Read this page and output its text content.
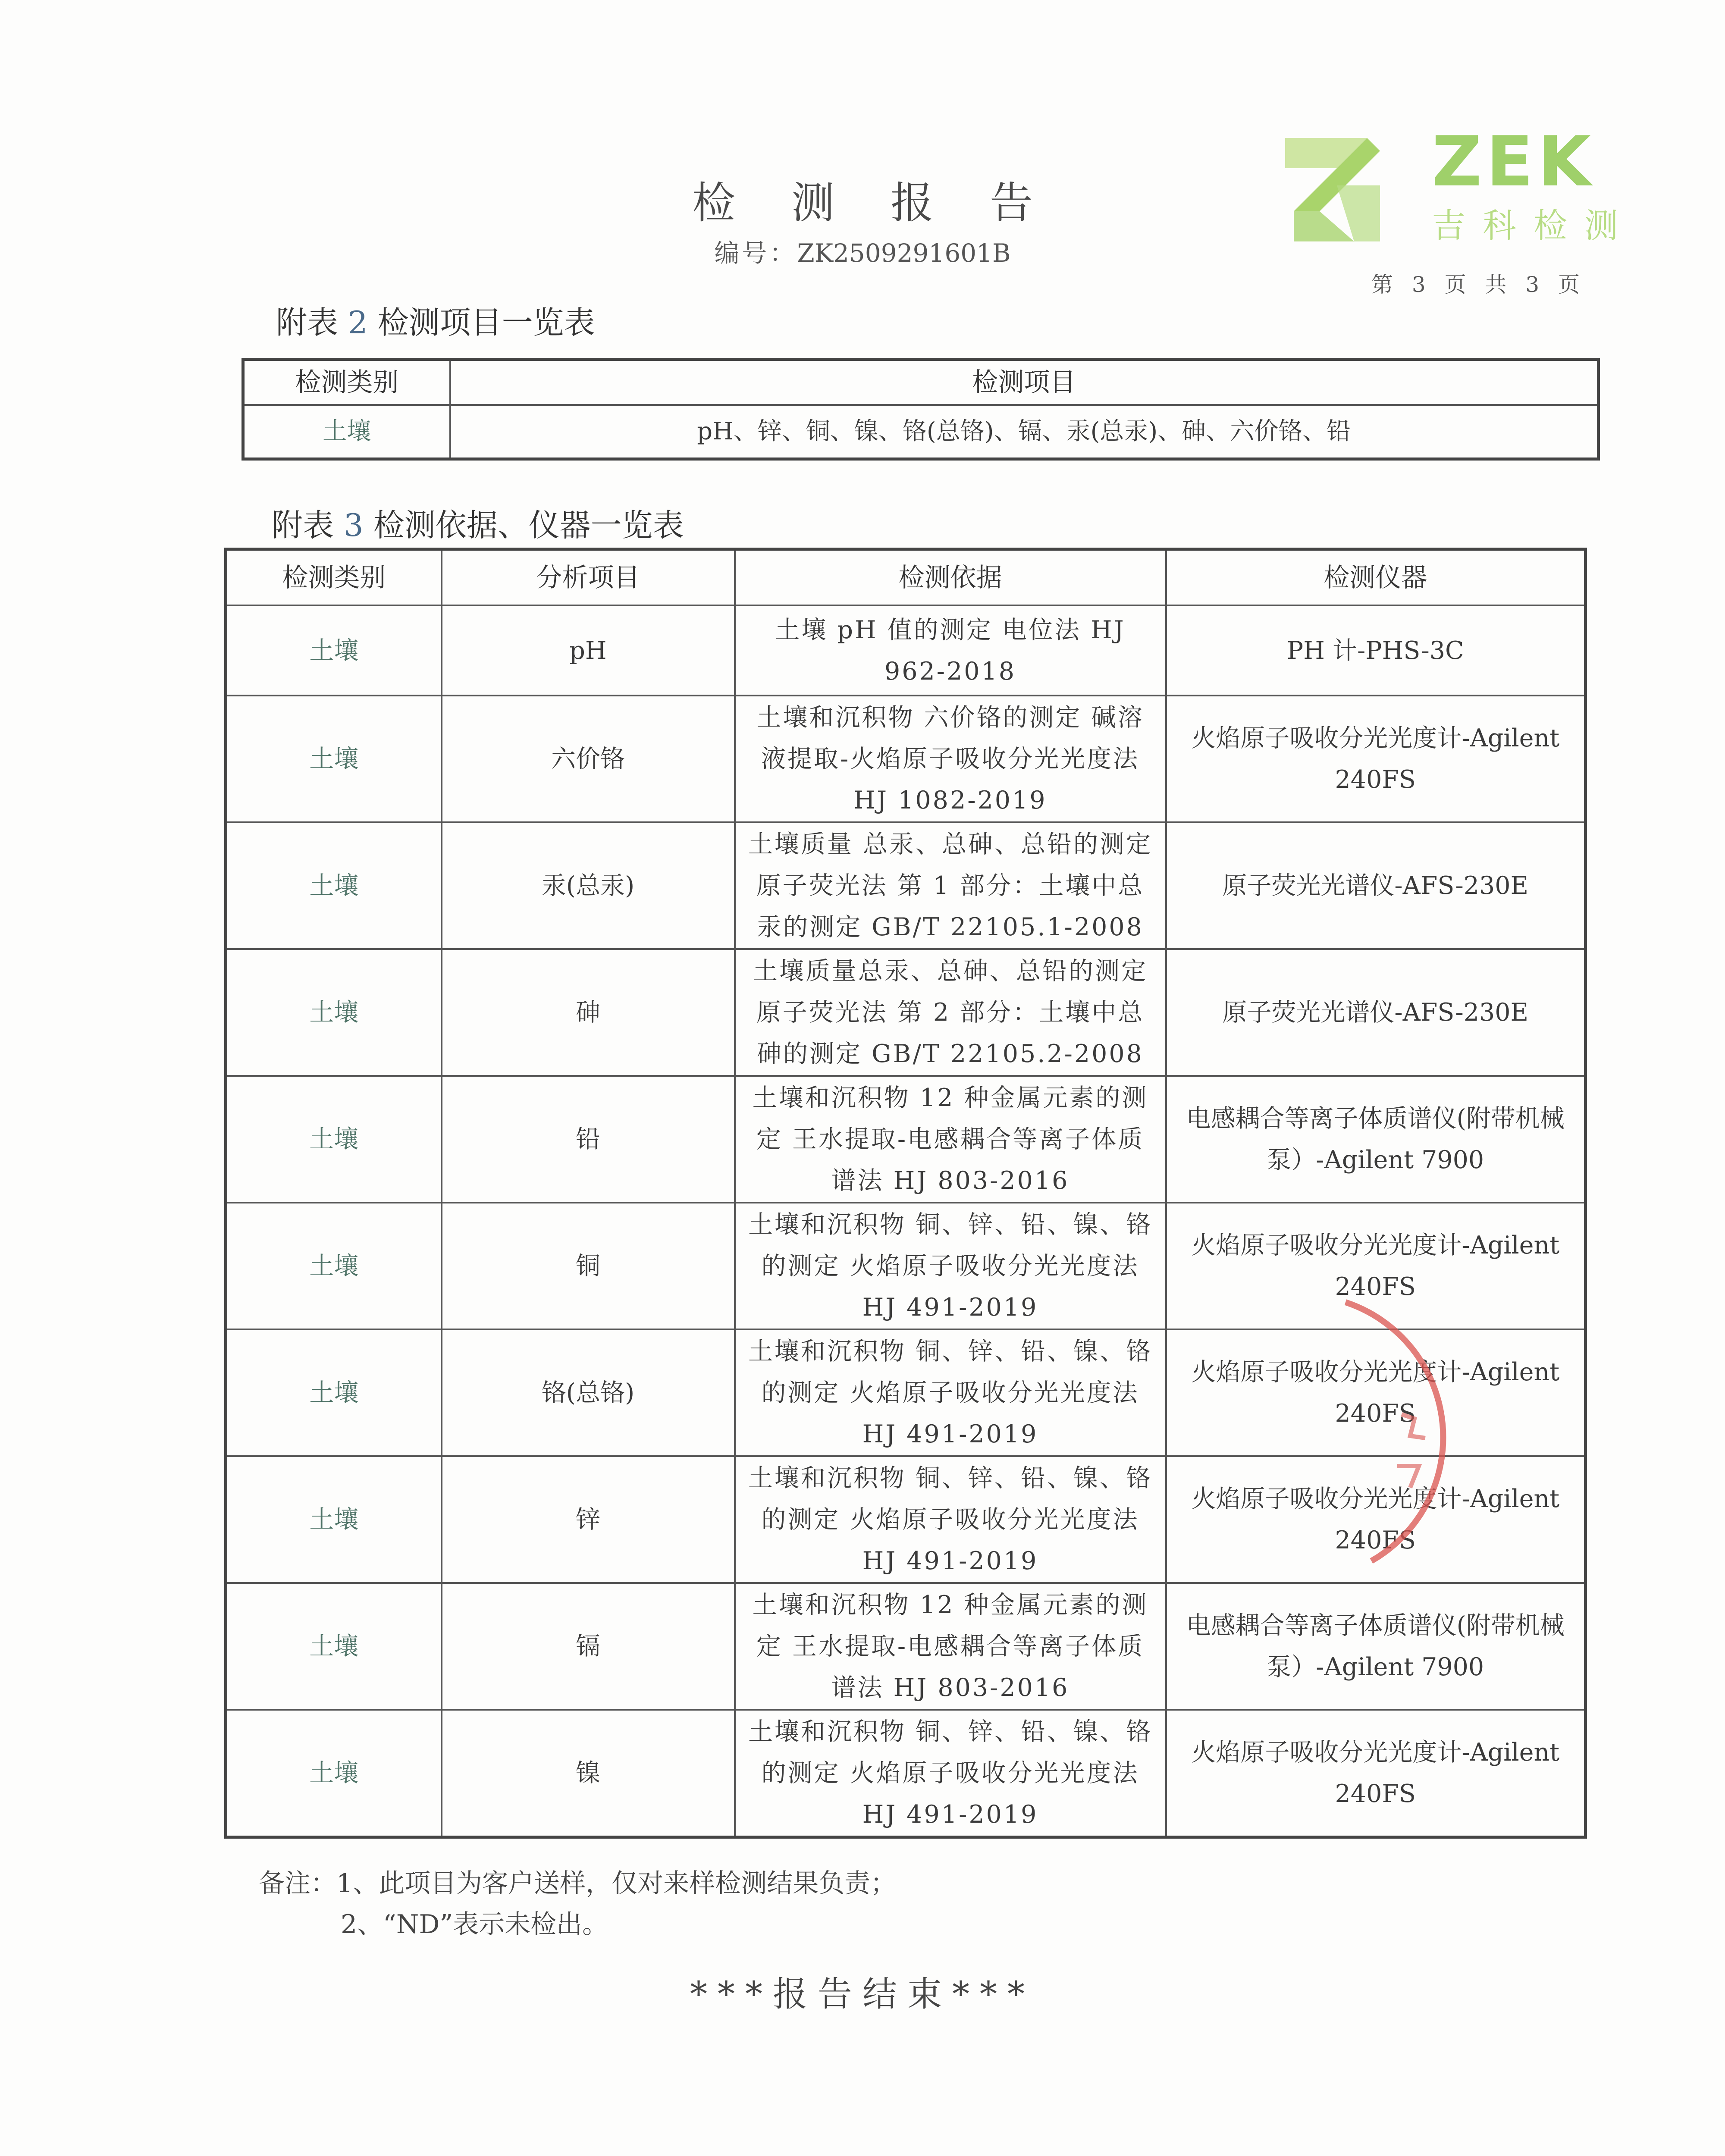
检测报告
编号：ZK2509291601B
ZEK
吉科检测
第 3 页 共 3 页
附表 2 检测项目一览表
检测类别	检测项目
土壤	pH、锌、铜、镍、铬(总铬)、镉、汞(总汞)、砷、六价铬、铅
附表 3 检测依据、仪器一览表
检测类别	分析项目	检测依据	检测仪器
土壤	pH	土壤 pH 值的测定 电位法 HJ 962-2018	PH 计-PHS-3C
土壤	六价铬	土壤和沉积物 六价铬的测定 碱溶液提取-火焰原子吸收分光光度法 HJ 1082-2019	火焰原子吸收分光光度计-Agilent 240FS
土壤	汞(总汞)	土壤质量 总汞、总砷、总铅的测定 原子荧光法 第 1 部分：土壤中总汞的测定 GB/T 22105.1-2008	原子荧光光谱仪-AFS-230E
土壤	砷	土壤质量总汞、总砷、总铅的测定 原子荧光法 第 2 部分：土壤中总砷的测定 GB/T 22105.2-2008	原子荧光光谱仪-AFS-230E
土壤	铅	土壤和沉积物 12 种金属元素的测定 王水提取-电感耦合等离子体质谱法 HJ 803-2016	电感耦合等离子体质谱仪(附带机械泵）-Agilent 7900
土壤	铜	土壤和沉积物 铜、锌、铅、镍、铬的测定 火焰原子吸收分光光度法 HJ 491-2019	火焰原子吸收分光光度计-Agilent 240FS
土壤	铬(总铬)	土壤和沉积物 铜、锌、铅、镍、铬的测定 火焰原子吸收分光光度法 HJ 491-2019	火焰原子吸收分光光度计-Agilent 240FS
土壤	锌	土壤和沉积物 铜、锌、铅、镍、铬的测定 火焰原子吸收分光光度法 HJ 491-2019	火焰原子吸收分光光度计-Agilent 240FS
土壤	镉	土壤和沉积物 12 种金属元素的测定 王水提取-电感耦合等离子体质谱法 HJ 803-2016	电感耦合等离子体质谱仪(附带机械泵）-Agilent 7900
土壤	镍	土壤和沉积物 铜、锌、铅、镍、铬的测定 火焰原子吸收分光光度法 HJ 491-2019	火焰原子吸收分光光度计-Agilent 240FS
备注：1、此项目为客户送样，仅对来样检测结果负责；
2、“ND”表示未检出。
***报告结束***
